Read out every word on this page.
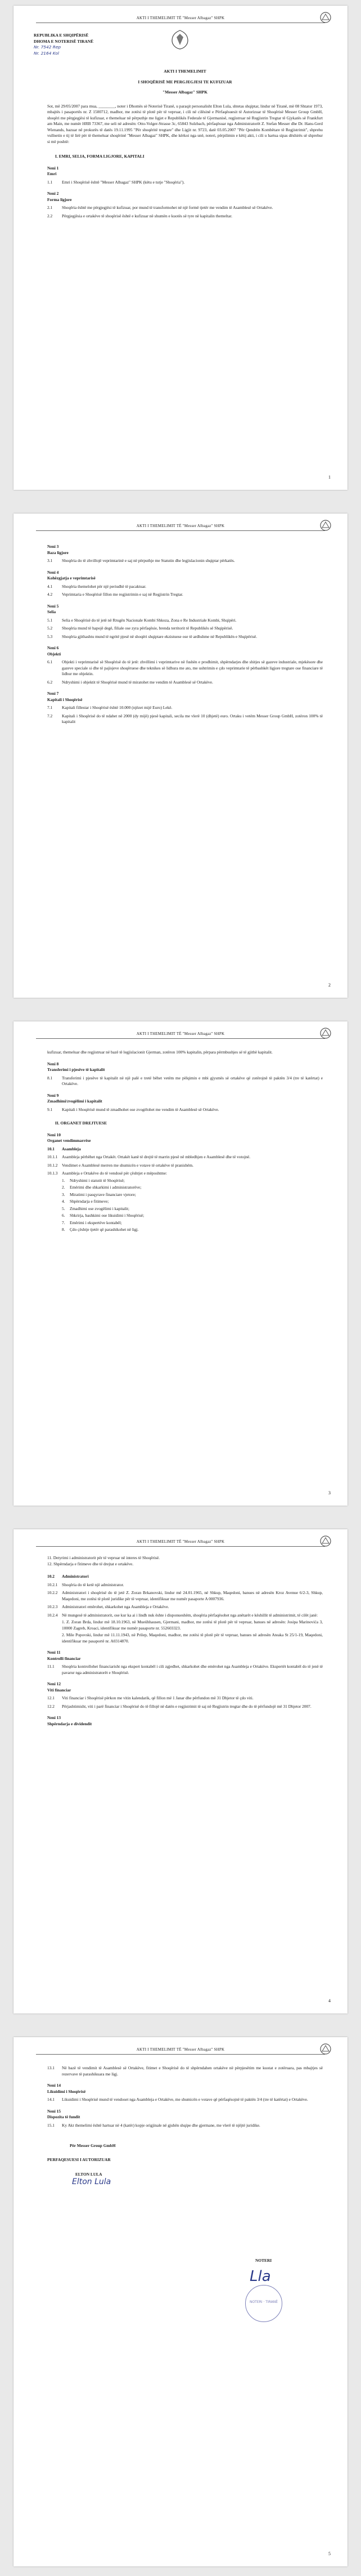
AKTI I THEMELIMIT TË "Messer Albagaz" SHPK
REPUBLIKA E SHQIPËRISË
DHOMA E NOTERISË TIRANË
Nr. 7542 Rep
Nr. 2164 Kol
AKTI I THEMELIMIT
I SHOQËRISË ME PERGJEGJESI TE KUFIZUAR
"Messer Albagaz" SHPK
Sot, më 29/05/2007 para mua, ________, noter i Dhomës së Noterisë Tiranë, u paraqit personalisht Elton Lula, shtetas shqiptar, lindur në Tiranë, më 08 Shtator 1973, mbajtës i pasaportës nr. Z 1500712, madhor, me zotësi të plotë për të vepruar, i cili në cilësinë e Përfaqësuesit të Autorizuar të Shoqërisë Messer Group GmbH, shoqëri me përgjegjësi të kufizuar, e themeluar në përputhje me ligjet e Republikës Federale të Gjermanisë, regjistruar në Regjistrin Tregtar të Gjykatës së Frankfurt am Main, me numër HRB 73367, me seli në adresën: Otto-Volger-Strasse 3c, 65843 Sulzbach, përfaqësuar nga Administratorët Z. Stefan Messer dhe Dr. Hans-Gerd Wienands, bazuar në prokurës të datës 19.11.1995 "Për shoqëritë tregtare" dhe Ligjit nr. 9723, datë 03.05.2007 "Për Qendrën Kombëtare të Regjistrimit", shprehu vullnetin e tij të lirë për të themeluar shoqërinë "Messer Albagaz" SHPK, dhe kërkoi nga unë, noteri, përpilimin e këtij akti, i cili u hartua sipas dëshirës së shprehur si më poshtë:
I. EMRI, SELIA, FORMA LIGJORE, KAPITALI
Neni 1
Emri
1.1	Emri i Shoqërisë është "Messer Albagaz" SHPK (këtu e tutje "Shoqëria").
Neni 2
Forma ligjore
2.1	Shoqëria është me përgjegjësi të kufizuar, por mund të transformohet në një formë tjetër me vendim të Asamblesë së Ortakëve.
2.2	Përgjegjësia e ortakëve të shoqërisë është e kufizuar në shumën e kuotës së tyre në kapitalin themeltar.
1
AKTI I THEMELIMIT TË "Messer Albagaz" SHPK
Neni 3
Baza ligjore
3.1	Shoqëria do të zhvillojë veprimtarinë e saj në përputhje me Statutin dhe legjislacionin shqiptar përkatës.
Neni 4
Kohëzgjatja e veprimtarisë
4.1	Shoqëria themelohet për një periudhë të pacaktuar.
4.2	Veprimtaria e Shoqërisë fillon me regjistrimin e saj në Regjistrin Tregtar.
Neni 5
Selia
5.1	Selia e Shoqërisë do të jetë në Rrugën Nacionale Kombi Shkoza, Zona e Re Industriale Kombi, Shqipëri.
5.2	Shoqëria mund të hapojë degë, filiale ose zyra përfaqësie, brenda territorit të Republikës së Shqipërisë.
5.3	Shoqëria gjithashtu mund të ngritë pjesë në shoqëri shqiptare ekzistuese ose të ardhshme në Republikën e Shqipërisë.
Neni 6
Objekti
6.1	Objekti i veprimtarisë së Shoqërisë do të jetë: zhvillimi i veprimtarive në fushën e prodhimit, shpërndarjes dhe shitjes së gazeve industriale, mjekësore dhe gazeve speciale si dhe të pajisjeve shoqëruese dhe teknikes së lidhura me ato, me ushtrimin e çdo veprimtarie të përbashkët ligjore tregtare ose financiare të lidhur me objektin.
6.2	Ndryshimi i objektit të Shoqërisë mund të miratohet me vendim të Asamblesë së Ortakëve.
Neni 7
Kapitali i Shoqërisë
7.1	Kapitali fillestar i Shoqërisë është 10.000 (njëzet mijë Euro) Lekë.
7.2	Kapitali i Shoqërisë do të ndahet në 2000 (dy mijë) pjesë kapitali, secila me vlerë 10 (dhjetë) euro. Ortaku i vetëm Messer Group GmbH, zotëron 100% të kapitalit
2
AKTI I THEMELIMIT TË "Messer Albagaz" SHPK
kufizuar, themeluar dhe regjistruar në bazë të legjislacionit Gjerman, zotëron 100% kapitalin, përpara përmbushjes së të gjithë kapitalit.
Neni 8
Transferimi i pjesëve të kapitalit
8.1	Transferimi i pjesëve të kapitalit në një palë e tretë bëhet vetëm me pëlqimin e mbi gjysmës së ortakëve që zotërojnë të paktën 3/4 (tre të katërtat) e Ortakëve.
Neni 9
Zmadhimi/zvogëlimi i kapitalit
9.1	Kapitali i Shoqërisë mund të zmadhohet ose zvogëlohet me vendim të Asamblesë së Ortakëve.
II. ORGANET DREJTUESE
Neni 10
Organet vendimmarrëse
10.1	Asambleja
10.1.1	Asambleja përbëhet nga Ortakët. Ortakët kanë të drejtë të marrin pjesë në mbledhjen e Asamblesë dhe të votojnë.
10.1.2	Vendimet e Asamblesë merren me shumicën e votave të ortakëve të pranishëm.
10.1.3	Asambleja e Ortakëve do të vendosë për çështjet e mëposhtme:
1.	Ndryshimi i statutit të Shoqërisë;
2.	Emërimi dhe shkarkimi i administratorëve;
3.	Miratimi i pasqyrave financiare vjetore;
4.	Shpërndarja e fitimeve;
5.	Zmadhimi ose zvogëlimi i kapitalit;
6.	Shkrirja, bashkimi ose likuidimi i Shoqërisë;
7.	Emërimi i ekspertëve kontabël;
8.	Çdo çështje tjetër që parashikohet në ligj.
3
AKTI I THEMELIMIT TË "Messer Albagaz" SHPK
11. Detyrimi i administratorit për të vepruar në interes të Shoqërisë.
12. Shpërndarja e fitimeve dhe të drejtat e ortakëve.
10.2	Administratori
10.2.1	Shoqëria do të ketë një administrator.
10.2.2	Administratori i shoqërisë do të jetë Z. Zoran Brkanovski, lindur më 24.01.1965, në Shkup, Maqedoni, banues në adresën Kroz Avenue 6/2-3, Shkup, Maqedoni, me zotësi të plotë juridike për të vepruar, identifikuar me numër pasaporte A 0007936.
10.2.3	Administratori emërohet, shkarkohet nga Asambleja e Ortakëve.
10.2.4	Në mungesë të administratorit, ose kur ka ai i lindh nuk ështe i disponueshëm, shoqëria përfaqësohet nga anëtarët e këshillit të administrimit, të cilët janë:
1. Z. Zoran Brda, lindur më 18.10.1963, në Mueühhausen, Gjermani, madhor, me zotësi të plotë për të vepruar, banues në adresën: Josipa Marinovića 3, 10000 Zagreb, Kroaci, identifikuar me numër pasaporte nr. 552603323.
2. Mile Popovski, lindur më 11.11.1943, në Prilep, Maqedoni, madhor, me zotësi të plotë për të vepruar, banues në adresën Ateaka St 25/1-19, Maqedoni, identifikuar me pasaportë nr. A0314870.
Neni 11
Kontrolli financiar
11.1	Shoqëria kontrollohet financiarisht nga ekspert kontabël i cili zgjedhet, shkarkohet dhe emërohet nga Asambleja e Ortakëve. Ekspertët kontabël do të jenë të pavarur nga administratorët e Shoqërisë.
Neni 12
Viti financiar
12.1	Viti financiar i Shoqërisë përkon me vitin kalendarik, që fillon më 1 Janar dhe përfundon më 31 Dhjetor të çdo viti.
12.2	Përjashtimisht, viti i parë financiar i Shoqërisë do të fillojë në datën e regjistrimit të saj në Regjistrin tregtar dhe do të përfundojë më 31 Dhjetor 2007.
Neni 13
Shpërndarja e dividendit
4
AKTI I THEMELIMIT TË "Messer Albagaz" SHPK
13.1	Në bazë të vendimit të Asamblesë së Ortakëve, fitimet e Shoqërisë do të shpërndahen ortakëve në përpjesëtim me kuotat e zotëruara, pas mbajtjes së rezervave të parashikuara me ligj.
Neni 14
Likuidimi i Shoqërisë
14.1	Likuidimi i Shoqërisë mund të vendoset nga Asambleja e Ortakëve, me shumicën e votave që përfaqësojnë të paktën 3/4 (tre të katërtat) e Ortakëve.
Neni 15
Dispozita të fundit
15.1	Ky Akt themelimi është hartuar në 4 (katër) kopje origjinale në gjuhën shqipe dhe gjermane, me vlerë të njëjtë juridike.
Për Messer Group GmbH
PERFAQESUESI I AUTORIZUAR
ELTON LULA
Elton Lula
NOTERI
Lla
NOTERI · TIRANË
5
